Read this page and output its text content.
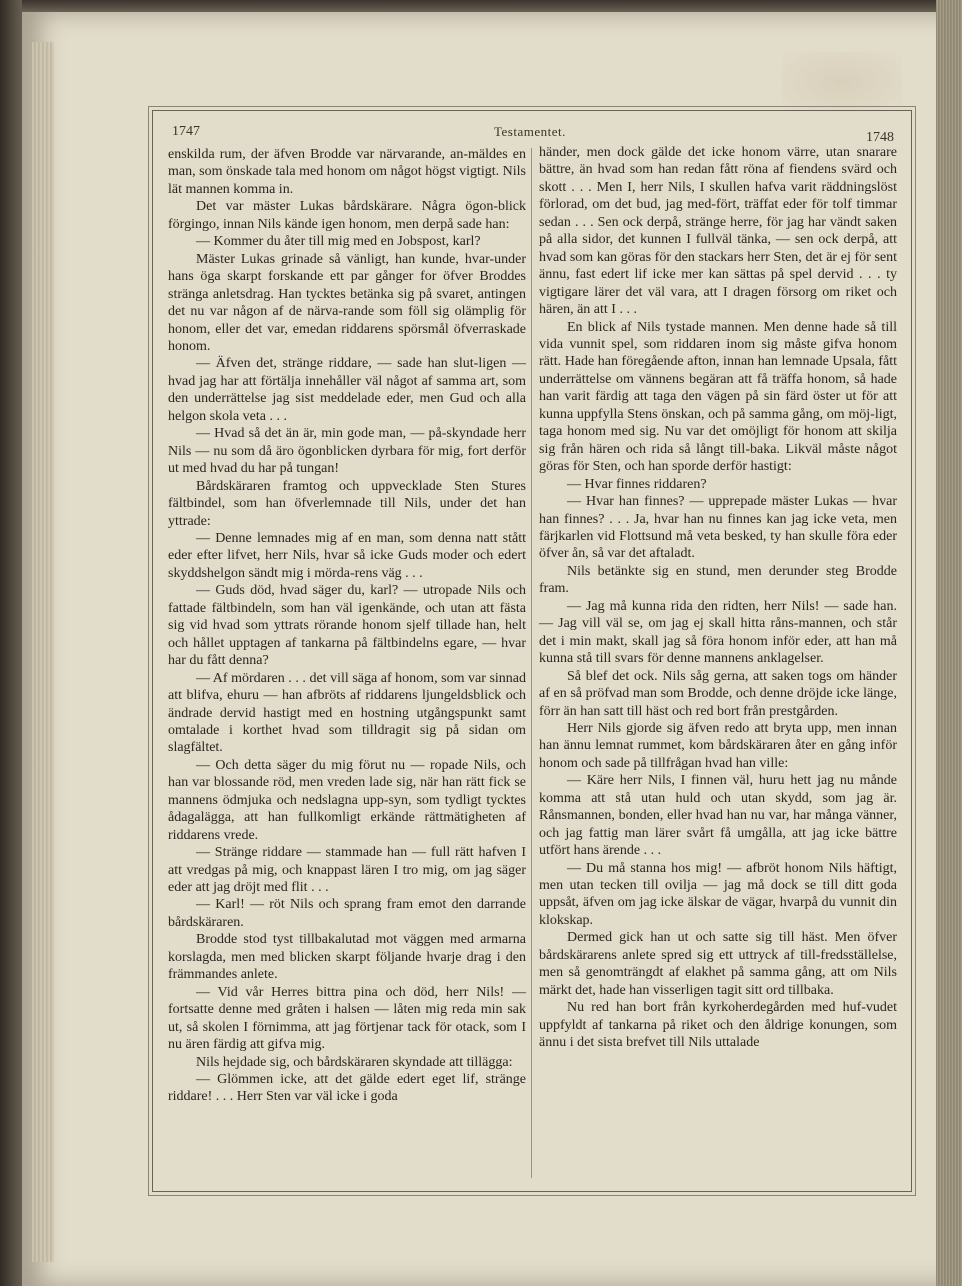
1747	Testamentet.	1748

enskilda rum, der äfven Brodde var närvarande, an-mäldes en man, som önskade tala med honom om något högst vigtigt. Nils lät mannen komma in.

Det var mäster Lukas bårdskärare. Några ögon-blick förgingo, innan Nils kände igen honom, men derpå sade han:

— Kommer du åter till mig med en Jobspost, karl?

Mäster Lukas grinade så vänligt, han kunde, hvar-under hans öga skarpt forskande ett par gånger for öfver Broddes stränga anletsdrag. Han tycktes betänka sig på svaret, antingen det nu var någon af de närva-rande som föll sig olämplig för honom, eller det var, emedan riddarens spörsmål öfverraskade honom.

— Äfven det, stränge riddare, — sade han slut-ligen — hvad jag har att förtälja innehåller väl något af samma art, som den underrättelse jag sist meddelade eder, men Gud och alla helgon skola veta . . .

— Hvad så det än är, min gode man, — på-skyndade herr Nils — nu som då äro ögonblicken dyrbara för mig, fort derför ut med hvad du har på tungan!

Bårdskäraren framtog och uppvecklade Sten Stures fältbindel, som han öfverlemnade till Nils, under det han yttrade:

— Denne lemnades mig af en man, som denna natt stått eder efter lifvet, herr Nils, hvar så icke Guds moder och edert skyddshelgon sändt mig i mörda-rens väg . . .

— Guds död, hvad säger du, karl? — utropade Nils och fattade fältbindeln, som han väl igenkände, och utan att fästa sig vid hvad som yttrats rörande honom sjelf tillade han, helt och hållet upptagen af tankarna på fältbindelns egare, — hvar har du fått denna?

— Af mördaren . . . det vill säga af honom, som var sinnad att blifva, ehuru — han afbröts af riddarens ljungeldsblick och ändrade dervid hastigt med en hostning utgångspunkt samt omtalade i korthet hvad som tilldragit sig på sidan om slagfältet.

— Och detta säger du mig förut nu — ropade Nils, och han var blossande röd, men vreden lade sig, när han rätt fick se mannens ödmjuka och nedslagna upp-syn, som tydligt tycktes ådagalägga, att han fullkomligt erkände rättmätigheten af riddarens vrede.

— Stränge riddare — stammade han — full rätt hafven I att vredgas på mig, och knappast lären I tro mig, om jag säger eder att jag dröjt med flit . . .

— Karl! — röt Nils och sprang fram emot den darrande bårdskäraren.

Brodde stod tyst tillbakalutad mot väggen med armarna korslagda, men med blicken skarpt följande hvarje drag i den främmandes anlete.

— Vid vår Herres bittra pina och död, herr Nils! — fortsatte denne med gråten i halsen — låten mig reda min sak ut, så skolen I förnimma, att jag förtjenar tack för otack, som I nu ären färdig att gifva mig.

Nils hejdade sig, och bårdskäraren skyndade att tillägga:

— Glömmen icke, att det gälde edert eget lif, stränge riddare! . . . Herr Sten var väl icke i goda

händer, men dock gälde det icke honom värre, utan snarare bättre, än hvad som han redan fått röna af fiendens svärd och skott . . . Men I, herr Nils, I skullen hafva varit räddningslöst förlorad, om det bud, jag med-fört, träffat eder för tolf timmar sedan . . . Sen ock derpå, stränge herre, för jag har vändt saken på alla sidor, det kunnen I fullväl tänka, — sen ock derpå, att hvad som kan göras för den stackars herr Sten, det är ej för sent ännu, fast edert lif icke mer kan sättas på spel dervid . . . ty vigtigare lärer det väl vara, att I dragen försorg om riket och hären, än att I . . .

En blick af Nils tystade mannen. Men denne hade så till vida vunnit spel, som riddaren inom sig måste gifva honom rätt. Hade han föregående afton, innan han lemnade Upsala, fått underrättelse om vännens begäran att få träffa honom, så hade han varit färdig att taga den vägen på sin färd öster ut för att kunna uppfylla Stens önskan, och på samma gång, om möj-ligt, taga honom med sig. Nu var det omöjligt för honom att skilja sig från hären och rida så långt till-baka. Likväl måste något göras för Sten, och han sporde derför hastigt:

— Hvar finnes riddaren?

— Hvar han finnes? — upprepade mäster Lukas — hvar han finnes? . . . Ja, hvar han nu finnes kan jag icke veta, men färjkarlen vid Flottsund må veta besked, ty han skulle föra eder öfver ån, så var det aftaladt.

Nils betänkte sig en stund, men derunder steg Brodde fram.

— Jag må kunna rida den ridten, herr Nils! — sade han. — Jag vill väl se, om jag ej skall hitta råns-mannen, och står det i min makt, skall jag så föra honom inför eder, att han må kunna stå till svars för denne mannens anklagelser.

Så blef det ock. Nils såg gerna, att saken togs om händer af en så pröfvad man som Brodde, och denne dröjde icke länge, förr än han satt till häst och red bort från prestgården.

Herr Nils gjorde sig äfven redo att bryta upp, men innan han ännu lemnat rummet, kom bårdskäraren åter en gång inför honom och sade på tillfrågan hvad han ville:

— Käre herr Nils, I finnen väl, huru hett jag nu månde komma att stå utan huld och utan skydd, som jag är. Rånsmannen, bonden, eller hvad han nu var, har många vänner, och jag fattig man lärer svårt få umgålla, att jag icke bättre utfört hans ärende . . .

— Du må stanna hos mig! — afbröt honom Nils häftigt, men utan tecken till ovilja — jag må dock se till ditt goda uppsåt, äfven om jag icke älskar de vägar, hvarpå du vunnit din klokskap.

Dermed gick han ut och satte sig till häst. Men öfver bårdskärarens anlete spred sig ett uttryck af till-fredsställelse, men så genomträngdt af elakhet på samma gång, att om Nils märkt det, hade han visserligen tagit sitt ord tillbaka.

Nu red han bort från kyrkoherdegården med huf-vudet uppfyldt af tankarna på riket och den åldrige konungen, som ännu i det sista brefvet till Nils uttalade
